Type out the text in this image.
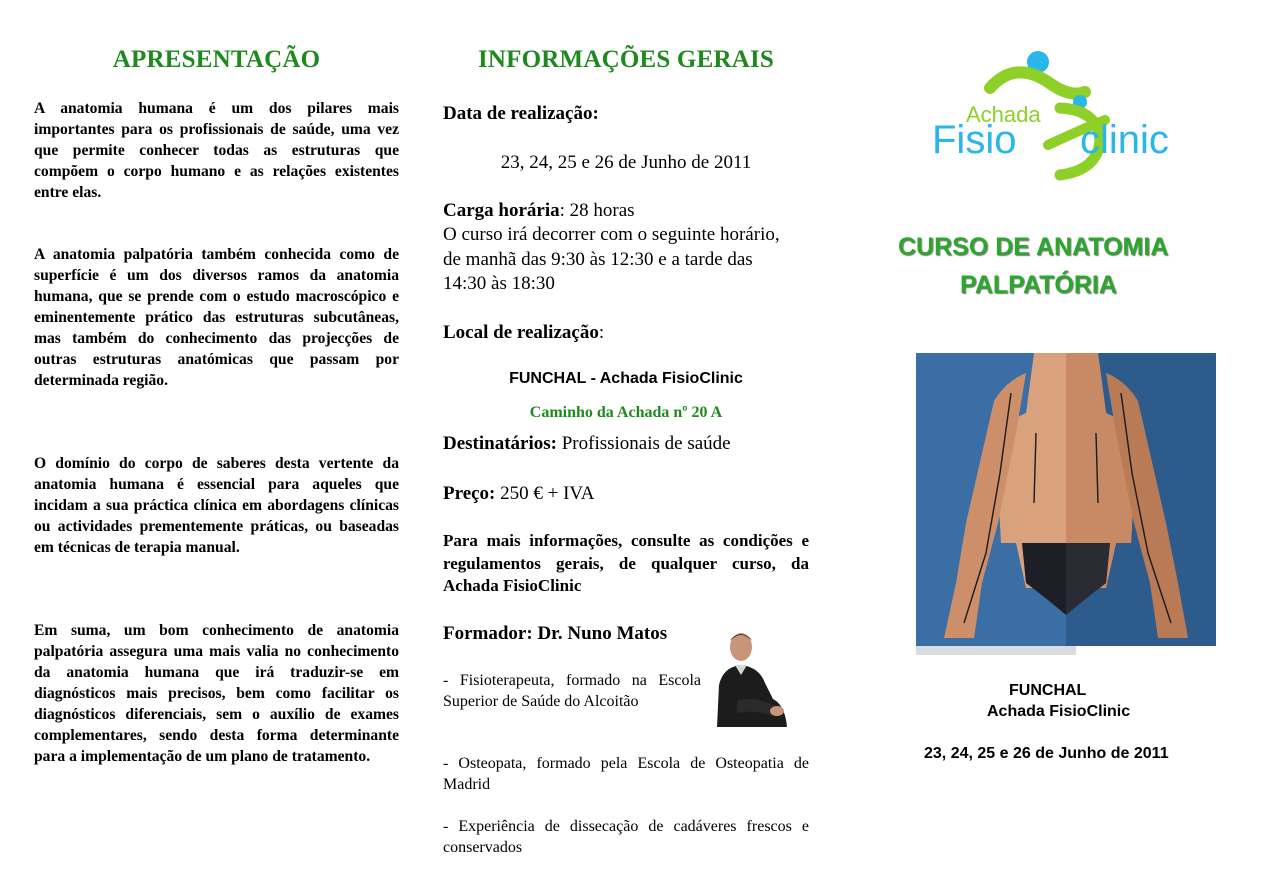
APRESENTAÇÃO

A anatomia humana é um dos pilares mais importantes para os profissionais de saúde, uma vez que permite conhecer todas as estruturas que compõem o corpo humano e as relações existentes entre elas.

A anatomia palpatória também conhecida como de superfície é um dos diversos ramos da anatomia humana, que se prende com o estudo macroscópico e eminentemente prático das estruturas subcutâneas, mas também do conhecimento das projecções de outras estruturas anatómicas que passam por determinada região.

O domínio do corpo de saberes desta vertente da anatomia humana é essencial para aqueles que incidam a sua práctica clínica em abordagens clínicas ou actividades prementemente práticas, ou baseadas em técnicas de terapia manual.

Em suma, um bom conhecimento de anatomia palpatória assegura uma mais valia no conhecimento da anatomia humana que irá traduzir-se em diagnósticos mais precisos, bem como facilitar os diagnósticos diferenciais, sem o auxílio de exames complementares, sendo desta forma determinante para a implementação de um plano de tratamento.

INFORMAÇÕES GERAIS
Data de realização:
23, 24, 25 e 26 de Junho de 2011
Carga horária: 28 horas
O curso irá decorrer com o seguinte horário, de manhã das 9:30 às 12:30 e a tarde das 14:30 às 18:30
Local de realização:
FUNCHAL - Achada FisioClinic
Caminho da Achada nº 20 A
Destinatários: Profissionais de saúde
Preço: 250 € + IVA
Para mais informações, consulte as condições e regulamentos gerais, de qualquer curso, da Achada FisioClinic
Formador: Dr. Nuno Matos
- Fisioterapeuta, formado na Escola Superior de Saúde do Alcoitão
- Osteopata, formado pela Escola de Osteopatia de Madrid
- Experiência de dissecação de cadáveres frescos e conservados
Achada
Fisio clinic
CURSO DE ANATOMIA
PALPATÓRIA
FUNCHAL
Achada FisioClinic
23, 24, 25 e 26 de Junho de 2011
